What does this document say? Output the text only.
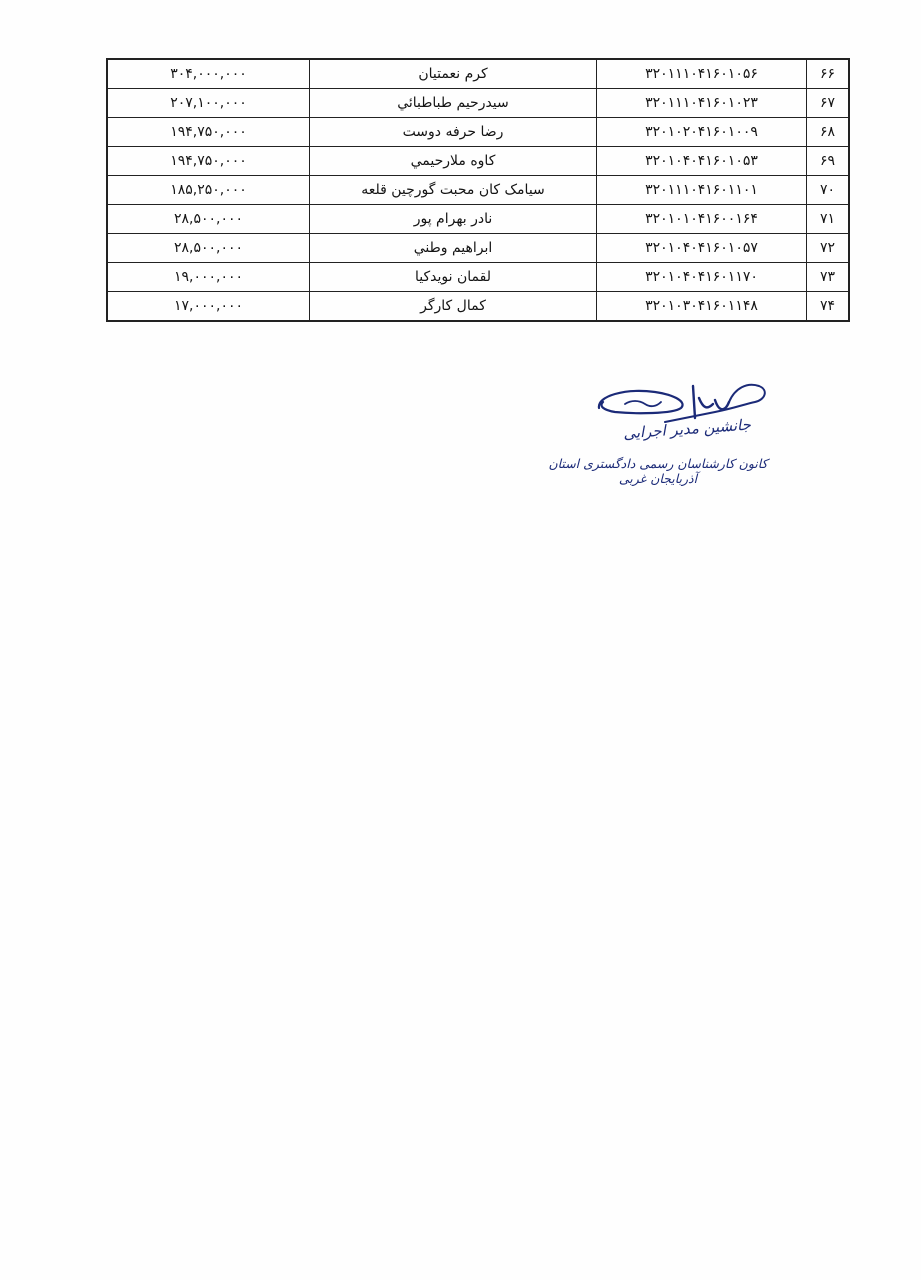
۳۰۴,۰۰۰,۰۰۰	کرم نعمتیان	۳۲۰۱۱۱۰۴۱۶۰۱۰۵۶	۶۶
۲۰۷,۱۰۰,۰۰۰	سیدرحیم طباطبائي	۳۲۰۱۱۱۰۴۱۶۰۱۰۲۳	۶۷
۱۹۴,۷۵۰,۰۰۰	رضا حرفه دوست	۳۲۰۱۰۲۰۴۱۶۰۱۰۰۹	۶۸
۱۹۴,۷۵۰,۰۰۰	کاوه ملارحیمي	۳۲۰۱۰۴۰۴۱۶۰۱۰۵۳	۶۹
۱۸۵,۲۵۰,۰۰۰	سیامک کان محبت گورچین قلعه	۳۲۰۱۱۱۰۴۱۶۰۱۱۰۱	۷۰
۲۸,۵۰۰,۰۰۰	نادر بهرام پور	۳۲۰۱۰۱۰۴۱۶۰۰۱۶۴	۷۱
۲۸,۵۰۰,۰۰۰	ابراهیم وطني	۳۲۰۱۰۴۰۴۱۶۰۱۰۵۷	۷۲
۱۹,۰۰۰,۰۰۰	لقمان نویدکیا	۳۲۰۱۰۴۰۴۱۶۰۱۱۷۰	۷۳
۱۷,۰۰۰,۰۰۰	کمال کارگر	۳۲۰۱۰۳۰۴۱۶۰۱۱۴۸	۷۴
جانشین مدیر اجرایی
کانون کارشناسان رسمی دادگستری استان آذربایجان غربی
